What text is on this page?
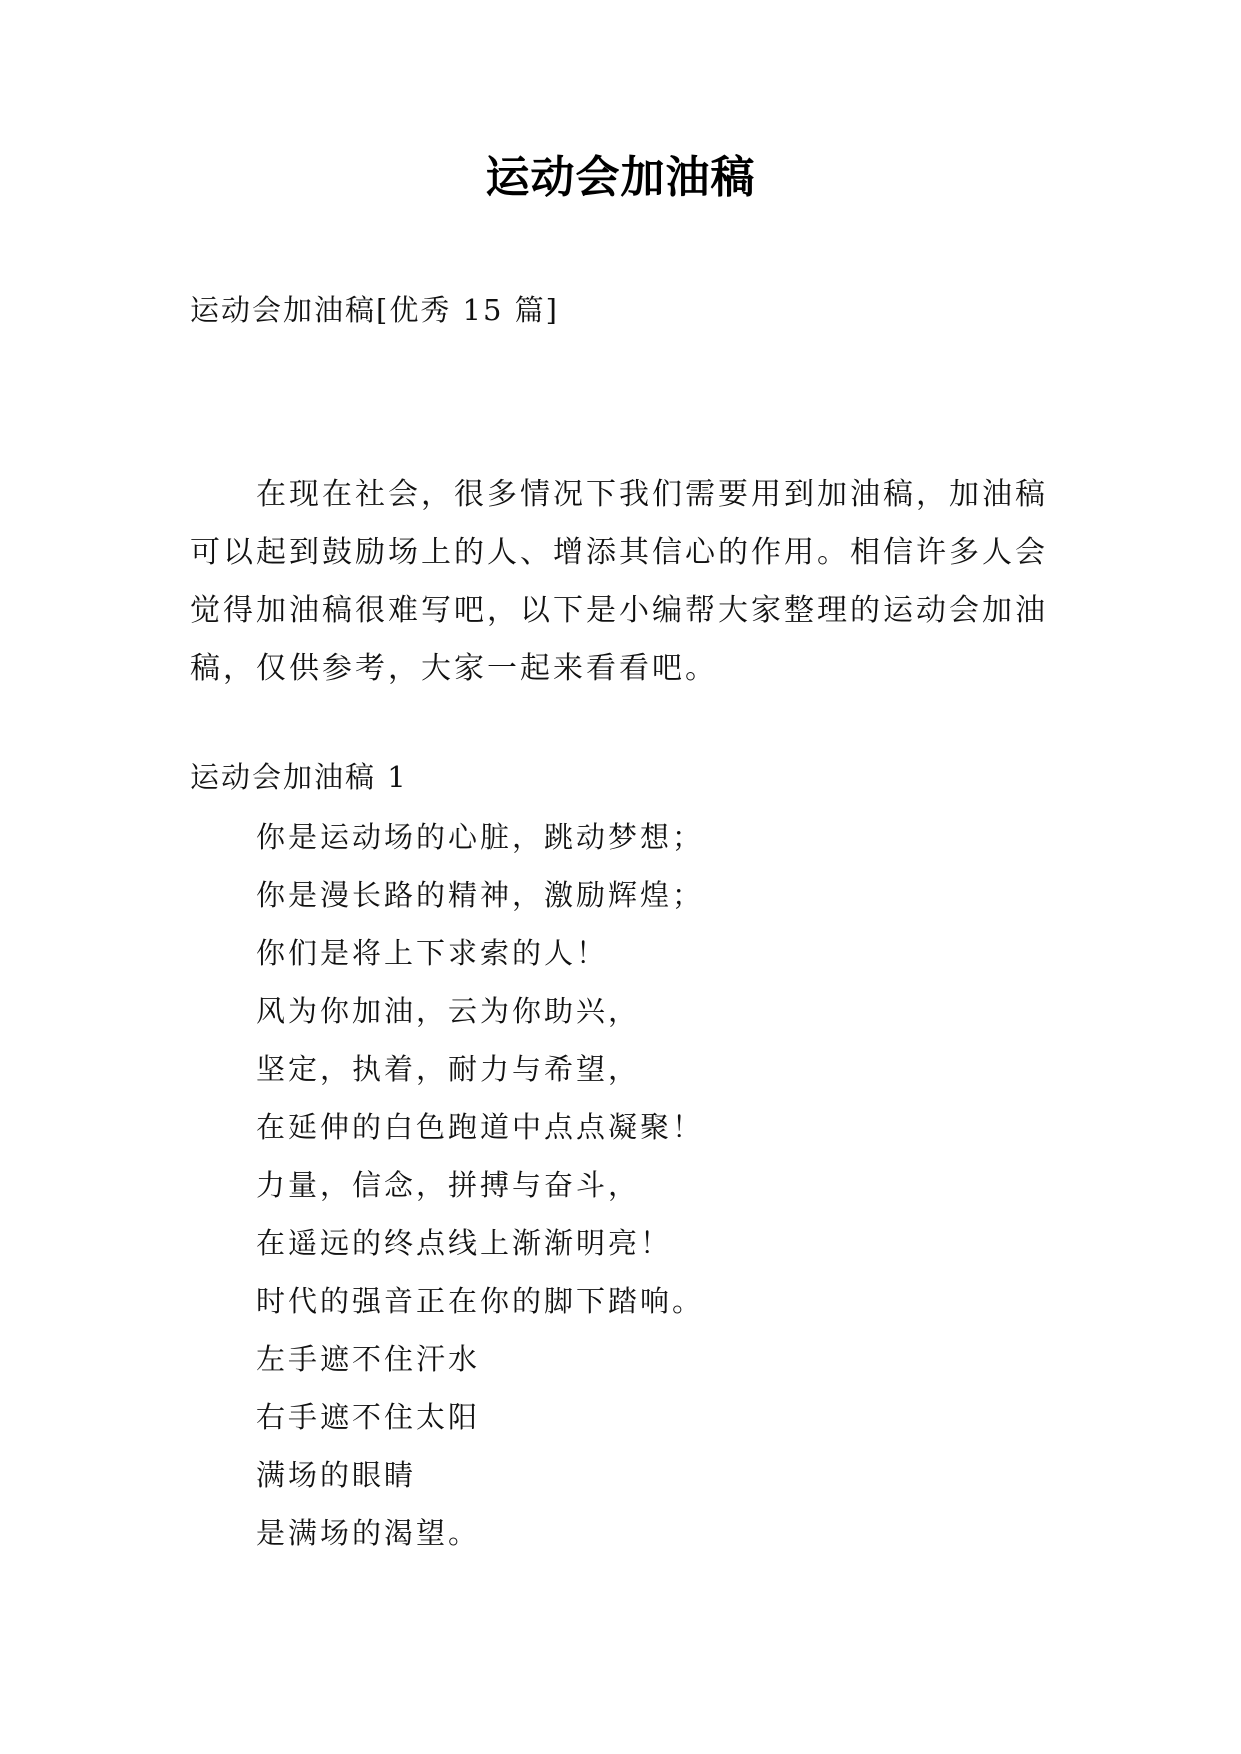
运动会加油稿
运动会加油稿[优秀 15 篇]

在现在社会，很多情况下我们需要用到加油稿，加油稿
可以起到鼓励场上的人、增添其信心的作用。相信许多人会
觉得加油稿很难写吧，以下是小编帮大家整理的运动会加油
稿，仅供参考，大家一起来看看吧。

运动会加油稿 1
你是运动场的心脏，跳动梦想；
你是漫长路的精神，激励辉煌；
你们是将上下求索的人！
风为你加油，云为你助兴，
坚定，执着，耐力与希望，
在延伸的白色跑道中点点凝聚！
力量，信念，拼搏与奋斗，
在遥远的终点线上渐渐明亮！
时代的强音正在你的脚下踏响。
左手遮不住汗水
右手遮不住太阳
满场的眼睛
是满场的渴望。
